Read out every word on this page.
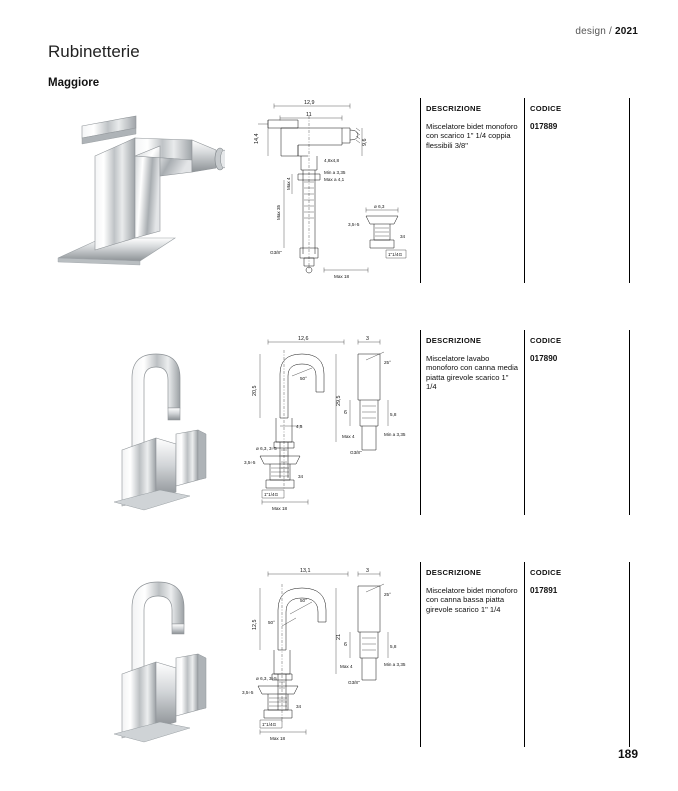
design / 2021
Rubinetterie
Maggiore
12,9
11
14,4	9,6
4,8x4,8
Min a 3,35
Max a 4,1
Max 35
Max 4
G3/8"
ø 6,3
3,5÷5
34
1"1/4G
Max 18
DESCRIZIONE	CODICE
Miscelatore bidet monoforo con scarico 1" 1/4 coppia flessibili 3/8"
017889
12,6	3
50°
20,5
29,5
4,5
ø 6,3, 3÷5
3,5÷5
34
1"1/4G
Max 18
25°
6	5,8
Max 4
G3/8"
Min a 3,35
DESCRIZIONE	CODICE
Miscelatore lavabo monoforo con canna media piatta girevole scarico 1" 1/4
017890
13,1	3
50°
50°
12,5
21
ø 6,3, 3÷5
3,5÷5
34
1"1/4G
Max 18
25°
6	5,8
Max 4
G3/8"
Min a 3,35
DESCRIZIONE	CODICE
Miscelatore bidet monoforo con canna bassa piatta girevole scarico 1" 1/4
017891
189
